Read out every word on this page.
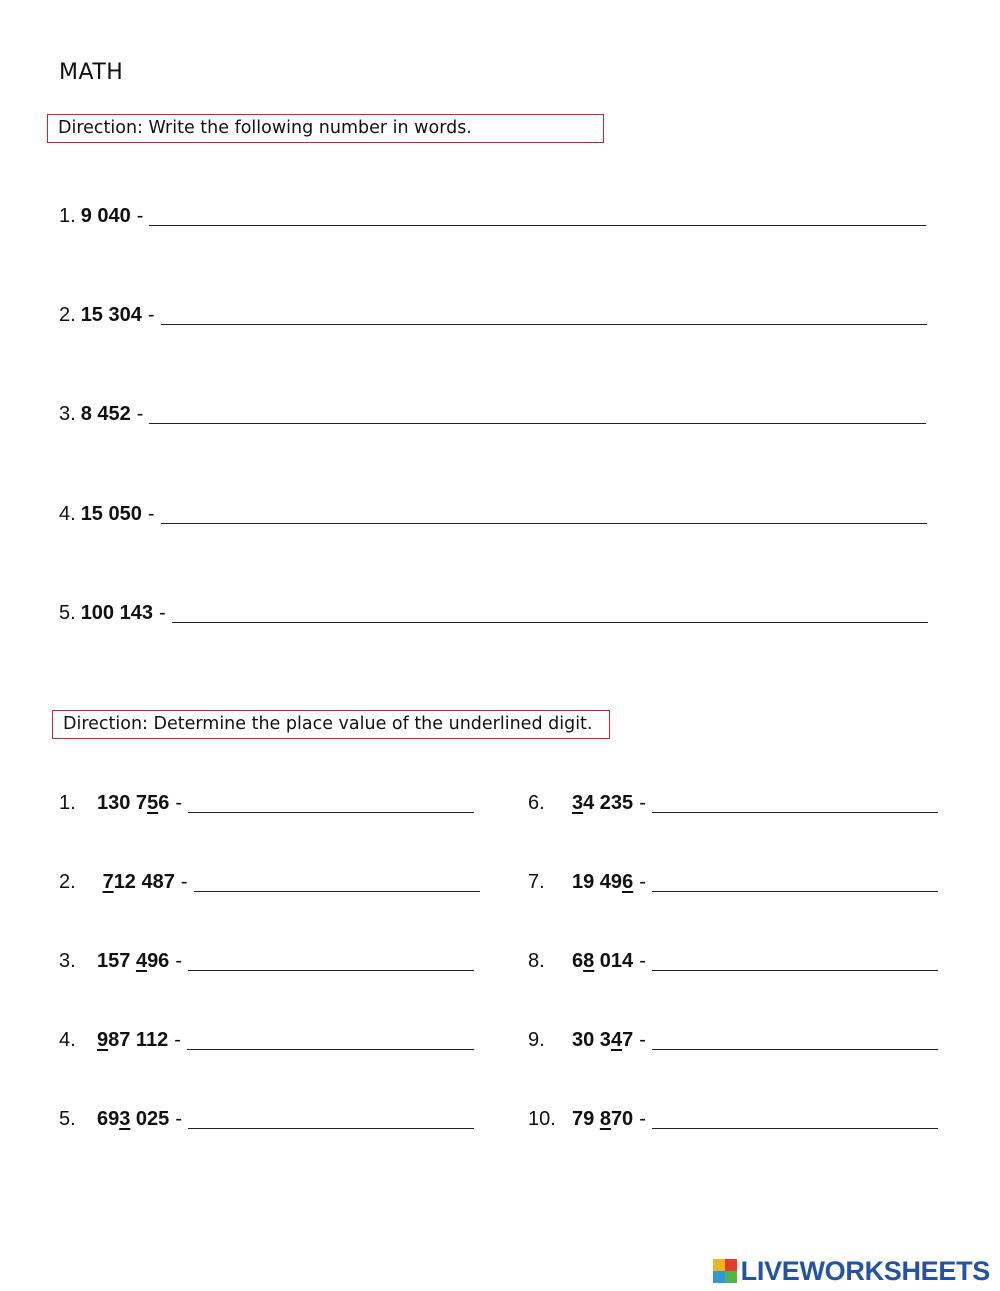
MATH
Direction: Write the following number in words.
1. 9 040 -
2. 15 304 -
3. 8 452 -
4. 15 050 -
5. 100 143 -
Direction: Determine the place value of the underlined digit.
1.	130 756 -
2.	712 487 -
3.	157 496 -
4.	987 112 -
5.	693 025 -
6.	34 235 -
7.	19 496 -
8.	68 014 -
9.	30 347 -
10. 79 870 -
LIVEWORKSHEETS
